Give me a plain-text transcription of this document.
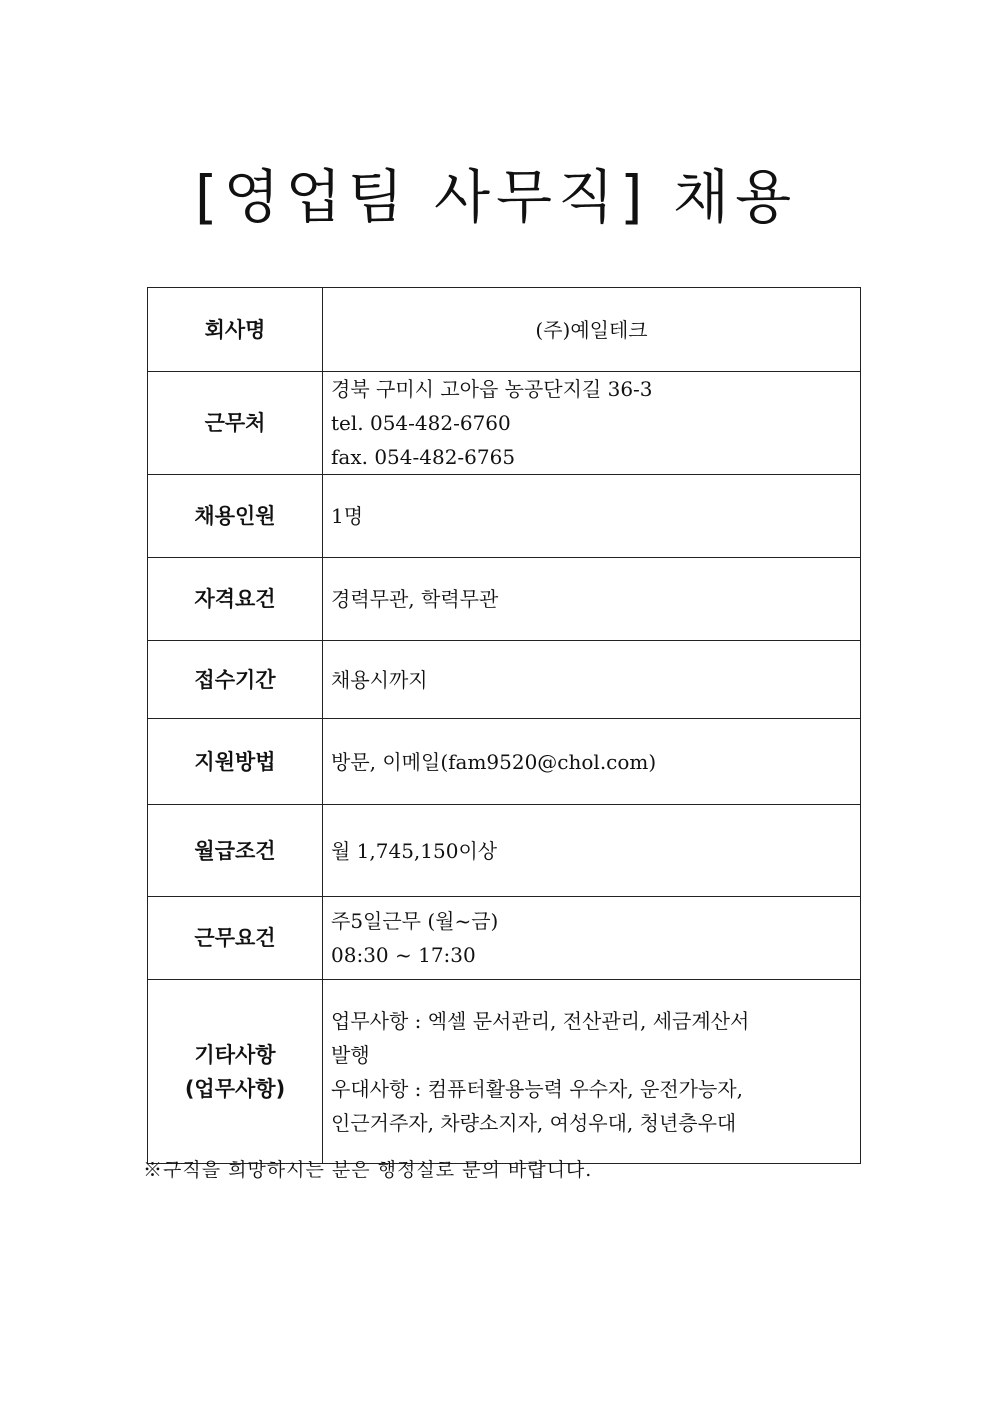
[영업팀 사무직] 채용
회사명	(주)예일테크
근무처	경북 구미시 고아읍 농공단지길 36-3
tel. 054-482-6760
fax. 054-482-6765

채용인원	1명
자격요건	경력무관, 학력무관
접수기간	채용시까지
지원방법	방문, 이메일(fam9520@chol.com)
월급조건	월 1,745,150이상
근무요건	주5일근무 (월~금)
08:30 ~ 17:30

기타사항
(업무사항)	업무사항 : 엑셀 문서관리, 전산관리, 세금계산서
발행
우대사항 : 컴퓨터활용능력 우수자, 운전가능자,
인근거주자, 차량소지자, 여성우대, 청년층우대

※구직을 희망하시는 분은 행정실로 문의 바랍니다.
